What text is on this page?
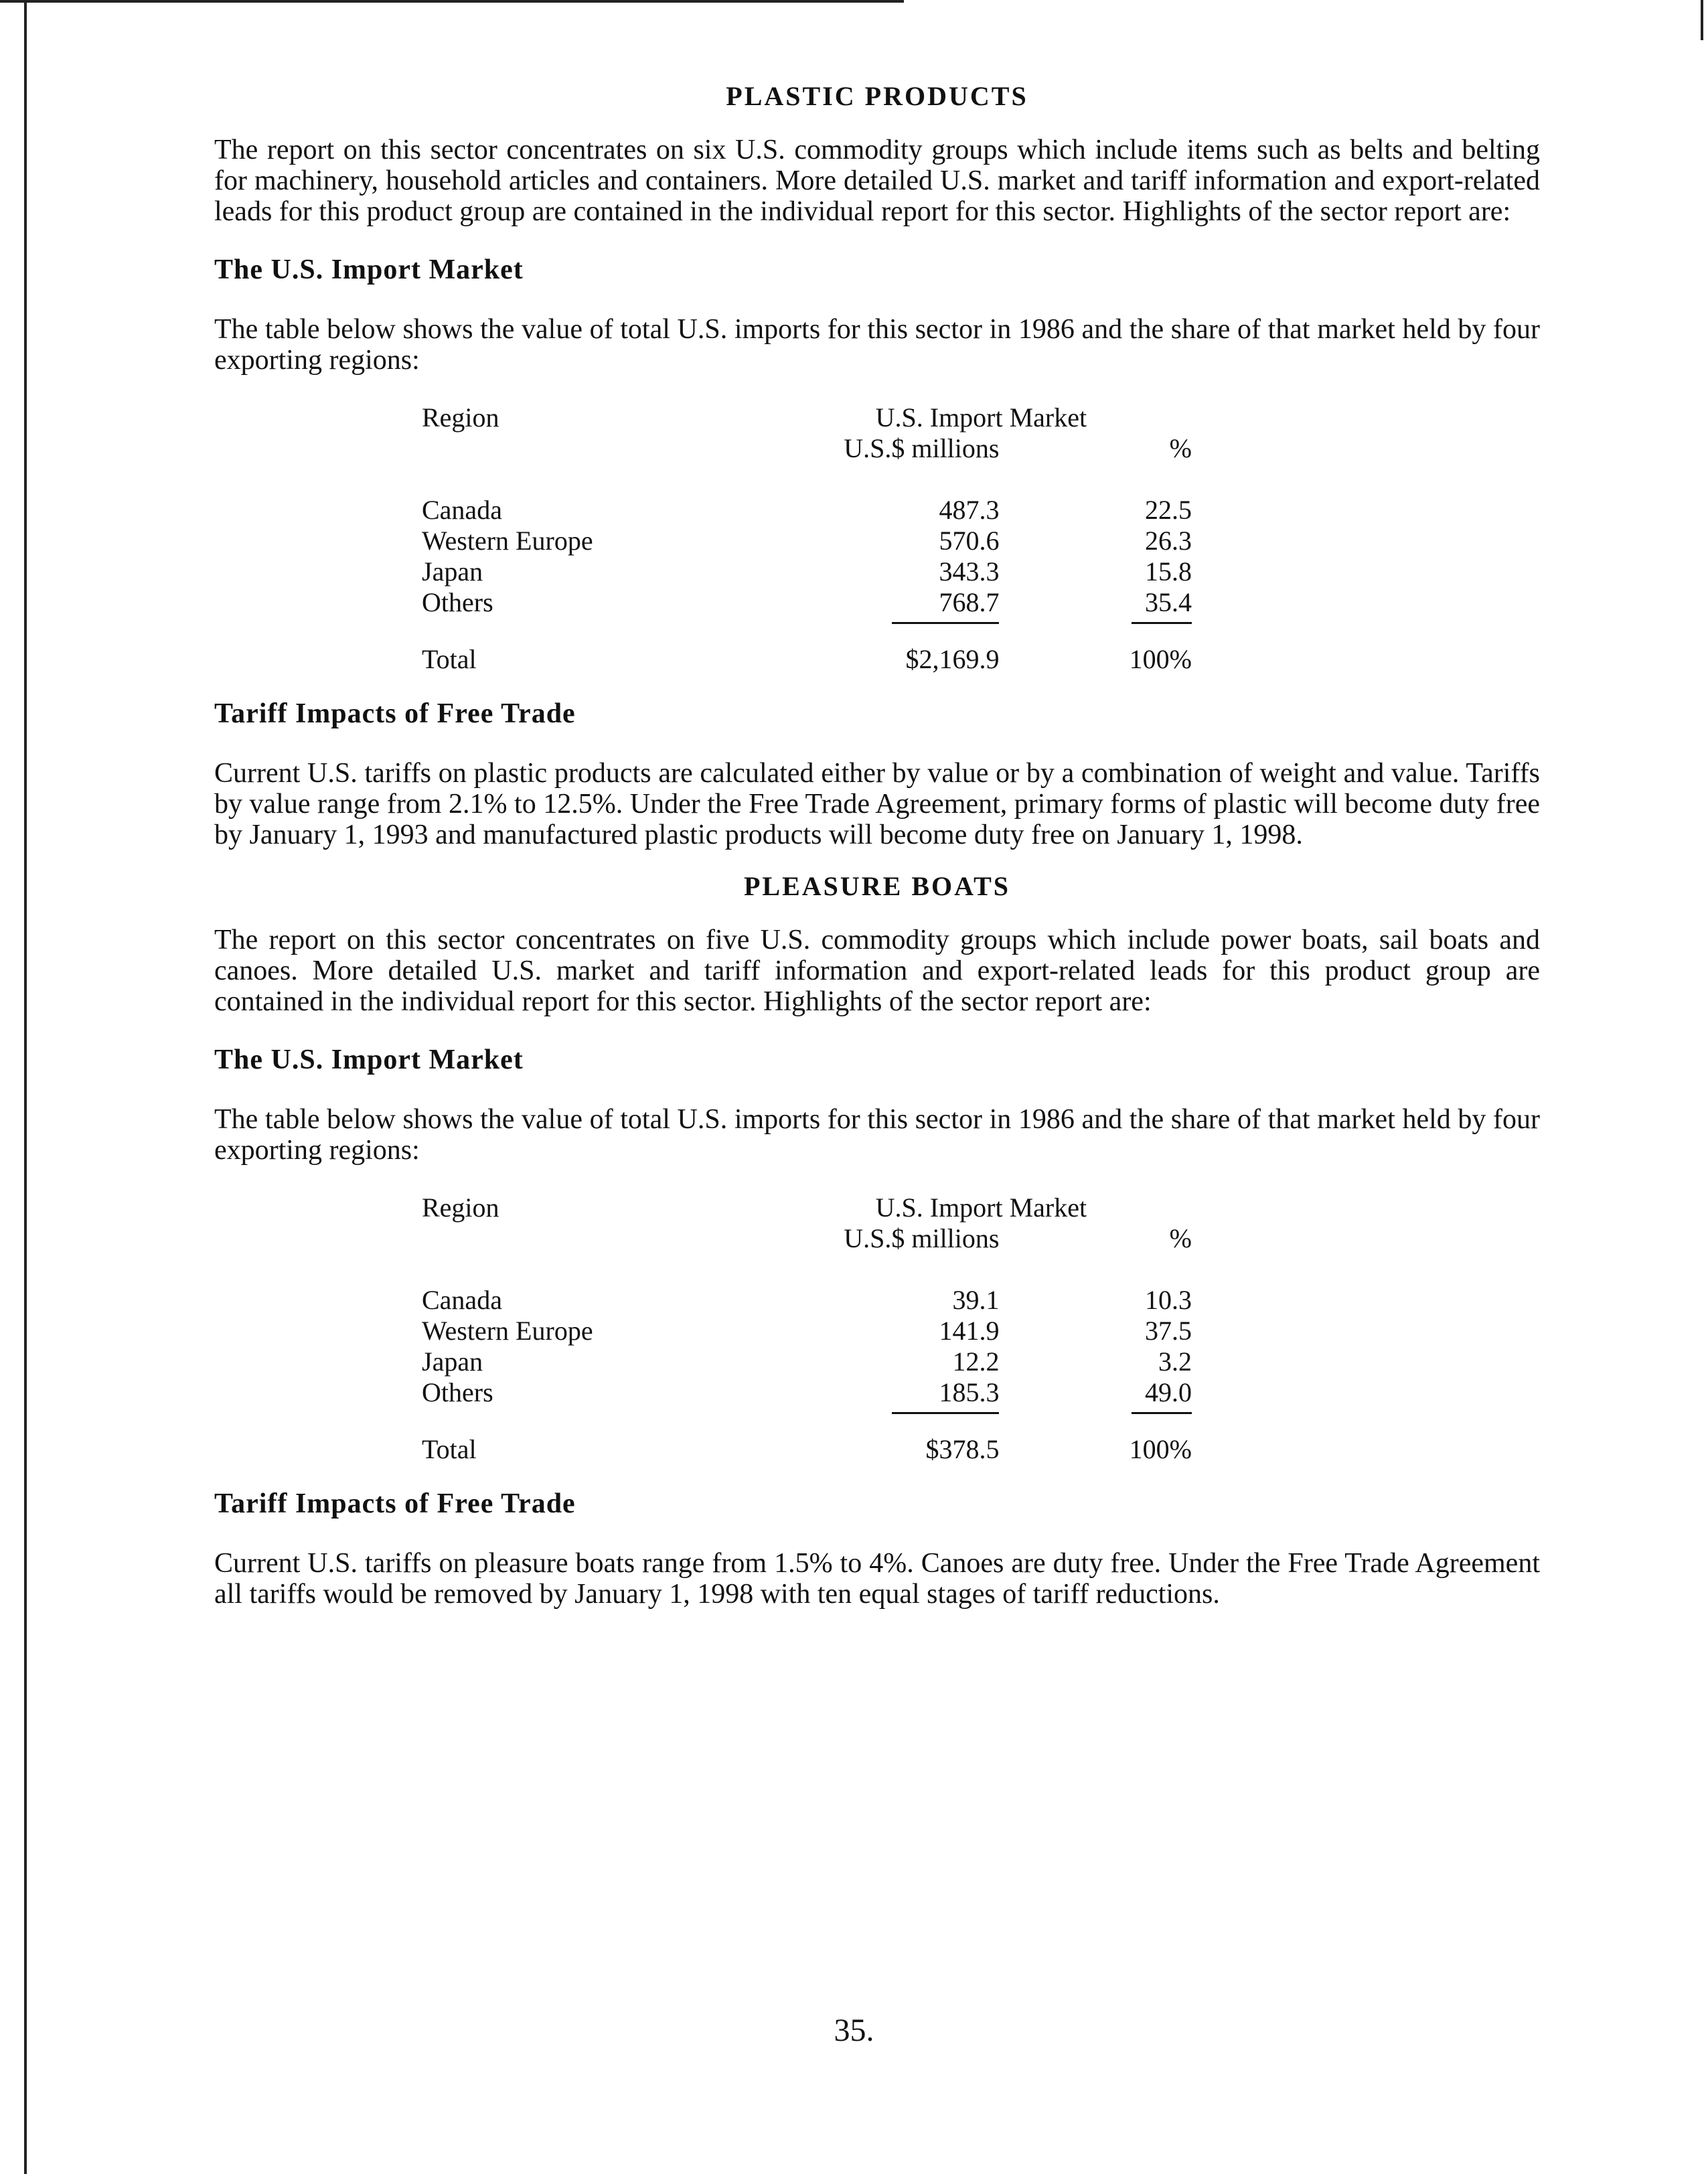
PLASTIC PRODUCTS

The report on this sector concentrates on six U.S. commodity groups which include items such as belts and belting for machinery, household articles and containers. More detailed U.S. market and tariff information and export-related leads for this product group are contained in the individual report for this sector. Highlights of the sector report are:

The U.S. Import Market

The table below shows the value of total U.S. imports for this sector in 1986 and the share of that market held by four exporting regions:

Region	U.S. Import Market	
	U.S.$ millions	%

Canada	487.3	22.5
Western Europe	570.6	26.3
Japan	343.3	15.8
Others	768.7	35.4
Total	$2,169.9	100%
Tariff Impacts of Free Trade

Current U.S. tariffs on plastic products are calculated either by value or by a combination of weight and value. Tariffs by value range from 2.1% to 12.5%. Under the Free Trade Agreement, primary forms of plastic will become duty free by January 1, 1993 and manufactured plastic products will become duty free on January 1, 1998.

PLEASURE BOATS

The report on this sector concentrates on five U.S. commodity groups which include power boats, sail boats and canoes. More detailed U.S. market and tariff information and export-related leads for this product group are contained in the individual report for this sector. Highlights of the sector report are:

The U.S. Import Market

The table below shows the value of total U.S. imports for this sector in 1986 and the share of that market held by four exporting regions:

Region	U.S. Import Market	
	U.S.$ millions	%

Canada	39.1	10.3
Western Europe	141.9	37.5
Japan	12.2	3.2
Others	185.3	49.0
Total	$378.5	100%
Tariff Impacts of Free Trade

Current U.S. tariffs on pleasure boats range from 1.5% to 4%. Canoes are duty free. Under the Free Trade Agreement all tariffs would be removed by January 1, 1998 with ten equal stages of tariff reductions.

35.
